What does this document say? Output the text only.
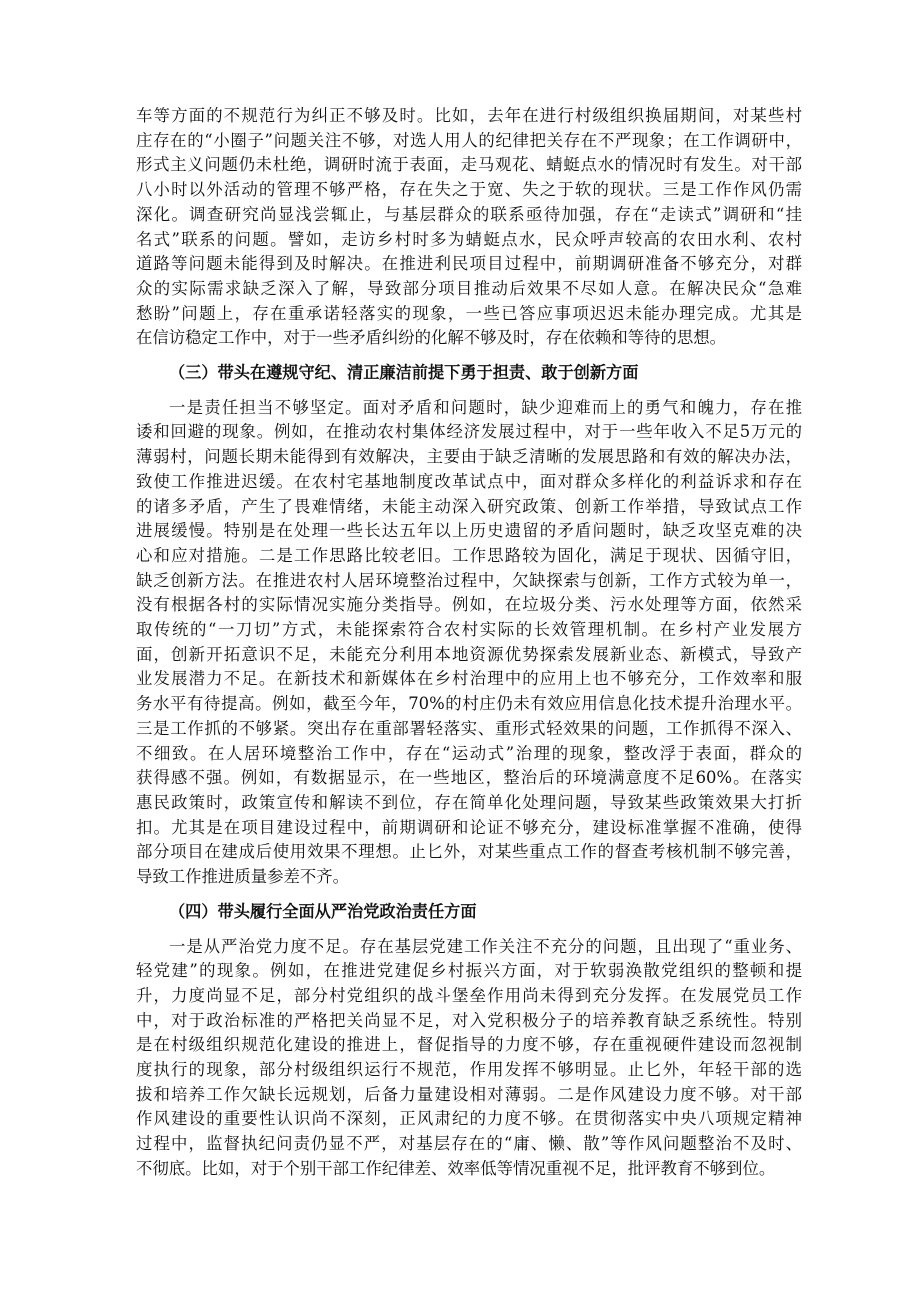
车等方面的不规范行为纠正不够及时。比如，去年在进行村级组织换届期间，对某些村
庄存在的“小圈子”问题关注不够，对选人用人的纪律把关存在不严现象；在工作调研中，
形式主义问题仍未杜绝，调研时流于表面，走马观花、蜻蜓点水的情况时有发生。对干部
八小时以外活动的管理不够严格，存在失之于宽、失之于软的现状。三是工作作风仍需
深化。调查研究尚显浅尝辄止，与基层群众的联系亟待加强，存在“走读式”调研和“挂
名式”联系的问题。譬如，走访乡村时多为蜻蜓点水，民众呼声较高的农田水利、农村
道路等问题未能得到及时解决。在推进利民项目过程中，前期调研准备不够充分，对群
众的实际需求缺乏深入了解，导致部分项目推动后效果不尽如人意。在解决民众“急难
愁盼”问题上，存在重承诺轻落实的现象，一些已答应事项迟迟未能办理完成。尤其是
在信访稳定工作中，对于一些矛盾纠纷的化解不够及时，存在依赖和等待的思想。
（三）带头在遵规守纪、清正廉洁前提下勇于担责、敢于创新方面
一是责任担当不够坚定。面对矛盾和问题时，缺少迎难而上的勇气和魄力，存在推
诿和回避的现象。例如，在推动农村集体经济发展过程中，对于一些年收入不足5万元的
薄弱村，问题长期未能得到有效解决，主要由于缺乏清晰的发展思路和有效的解决办法，
致使工作推进迟缓。在农村宅基地制度改革试点中，面对群众多样化的利益诉求和存在
的诸多矛盾，产生了畏难情绪，未能主动深入研究政策、创新工作举措，导致试点工作
进展缓慢。特别是在处理一些长达五年以上历史遗留的矛盾问题时，缺乏攻坚克难的决
心和应对措施。二是工作思路比较老旧。工作思路较为固化，满足于现状、因循守旧，
缺乏创新方法。在推进农村人居环境整治过程中，欠缺探索与创新，工作方式较为单一，
没有根据各村的实际情况实施分类指导。例如，在垃圾分类、污水处理等方面，依然采
取传统的“一刀切”方式，未能探索符合农村实际的长效管理机制。在乡村产业发展方
面，创新开拓意识不足，未能充分利用本地资源优势探索发展新业态、新模式，导致产
业发展潜力不足。在新技术和新媒体在乡村治理中的应用上也不够充分，工作效率和服
务水平有待提高。例如，截至今年，70%的村庄仍未有效应用信息化技术提升治理水平。
三是工作抓的不够紧。突出存在重部署轻落实、重形式轻效果的问题，工作抓得不深入、
不细致。在人居环境整治工作中，存在“运动式”治理的现象，整改浮于表面，群众的
获得感不强。例如，有数据显示，在一些地区，整治后的环境满意度不足60%。在落实
惠民政策时，政策宣传和解读不到位，存在简单化处理问题，导致某些政策效果大打折
扣。尤其是在项目建设过程中，前期调研和论证不够充分，建设标准掌握不准确，使得
部分项目在建成后使用效果不理想。止匕外，对某些重点工作的督查考核机制不够完善，
导致工作推进质量参差不齐。
（四）带头履行全面从严治党政治责任方面
一是从严治党力度不足。存在基层党建工作关注不充分的问题，且出现了“重业务、
轻党建”的现象。例如，在推进党建促乡村振兴方面，对于软弱涣散党组织的整顿和提
升，力度尚显不足，部分村党组织的战斗堡垒作用尚未得到充分发挥。在发展党员工作
中，对于政治标准的严格把关尚显不足，对入党积极分子的培养教育缺乏系统性。特别
是在村级组织规范化建设的推进上，督促指导的力度不够，存在重视硬件建设而忽视制
度执行的现象，部分村级组织运行不规范，作用发挥不够明显。止匕外，年轻干部的选
拔和培养工作欠缺长远规划，后备力量建设相对薄弱。二是作风建设力度不够。对干部
作风建设的重要性认识尚不深刻，正风肃纪的力度不够。在贯彻落实中央八项规定精神
过程中，监督执纪问责仍显不严，对基层存在的“庸、懒、散”等作风问题整治不及时、
不彻底。比如，对于个别干部工作纪律差、效率低等情况重视不足，批评教育不够到位。
